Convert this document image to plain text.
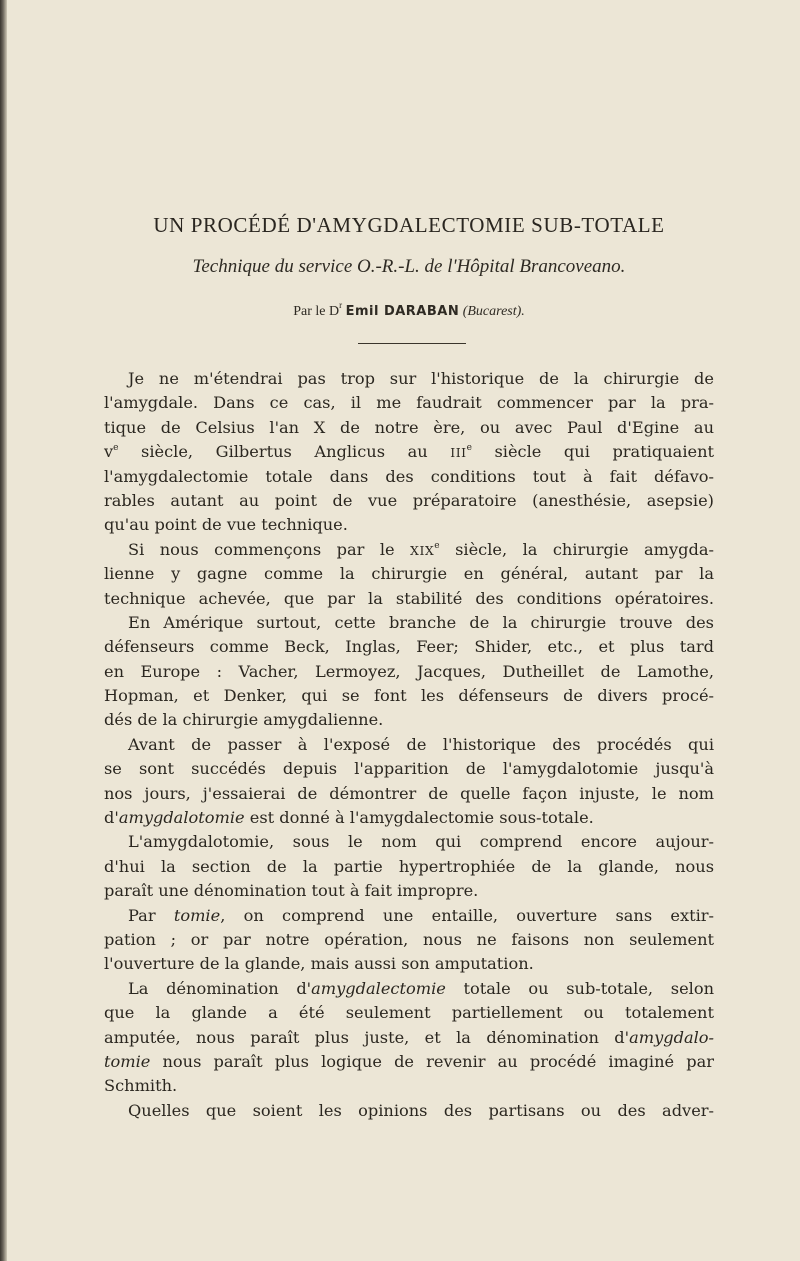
UN PROCÉDÉ D'AMYGDALECTOMIE SUB-TOTALE
Technique du service O.-R.-L. de l'Hôpital Brancoveano.
Par le $D^r$ Emil DARABAN (Bucarest).
Je ne m'étendrai pas trop sur l'historique de la chirurgie de
l'amygdale. Dans ce cas, il me faudrait commencer par la pra-
tique de Celsius l'an X de notre ère, ou avec Paul d'Egine au
$v^e$ siècle, Gilbertus Anglicus au IIIe siècle qui pratiquaient
l'amygdalectomie totale dans des conditions tout à fait défavo-
rables autant au point de vue préparatoire (anesthésie, asepsie)
qu'au point de vue technique.
Si nous commençons par le XIXe siècle, la chirurgie amygda-
lienne y gagne comme la chirurgie en général, autant par la
technique achevée, que par la stabilité des conditions opératoires.
En Amérique surtout, cette branche de la chirurgie trouve des
défenseurs comme Beck, Inglas, Feer; Shider, etc., et plus tard
en Europe : Vacher, Lermoyez, Jacques, Dutheillet de Lamothe,
Hopman, et Denker, qui se font les défenseurs de divers procé-
dés de la chirurgie amygdalienne.
Avant de passer à l'exposé de l'historique des procédés qui
se sont succédés depuis l'apparition de l'amygdalotomie jusqu'à
nos jours, j'essaierai de démontrer de quelle façon injuste, le nom
d'amygdalotomie est donné à l'amygdalectomie sous-totale.
L'amygdalotomie, sous le nom qui comprend encore aujour-
d'hui la section de la partie hypertrophiée de la glande, nous
paraît une dénomination tout à fait impropre.
Par tomie, on comprend une entaille, ouverture sans extir-
pation ; or par notre opération, nous ne faisons non seulement
l'ouverture de la glande, mais aussi son amputation.
La dénomination d'amygdalectomie totale ou sub-totale, selon
que la glande a été seulement partiellement ou totalement
amputée, nous paraît plus juste, et la dénomination d'amygdalo-
tomie nous paraît plus logique de revenir au procédé imaginé par
Schmith.
Quelles que soient les opinions des partisans ou des adver-
